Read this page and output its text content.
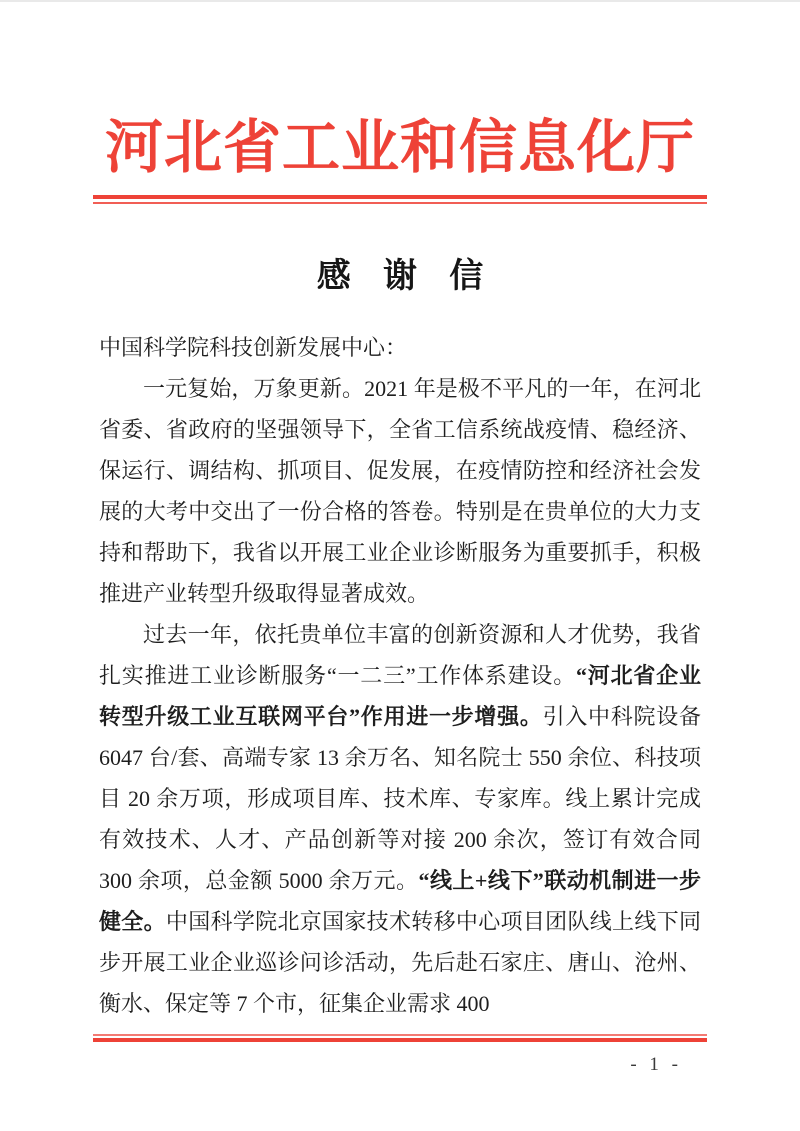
河北省工业和信息化厅
感 谢 信

中国科学院科技创新发展中心：

一元复始，万象更新。2021 年是极不平凡的一年，在河北省委、省政府的坚强领导下，全省工信系统战疫情、稳经济、保运行、调结构、抓项目、促发展，在疫情防控和经济社会发展的大考中交出了一份合格的答卷。特别是在贵单位的大力支持和帮助下，我省以开展工业企业诊断服务为重要抓手，积极推进产业转型升级取得显著成效。

过去一年，依托贵单位丰富的创新资源和人才优势，我省扎实推进工业诊断服务“一二三”工作体系建设。“河北省企业转型升级工业互联网平台”作用进一步增强。引入中科院设备 6047 台/套、高端专家 13 余万名、知名院士 550 余位、科技项目 20 余万项，形成项目库、技术库、专家库。线上累计完成有效技术、人才、产品创新等对接 200 余次，签订有效合同 300 余项，总金额 5000 余万元。“线上+线下”联动机制进一步健全。中国科学院北京国家技术转移中心项目团队线上线下同步开展工业企业巡诊问诊活动，先后赴石家庄、唐山、沧州、衡水、保定等 7 个市，征集企业需求 400

- 1 -
